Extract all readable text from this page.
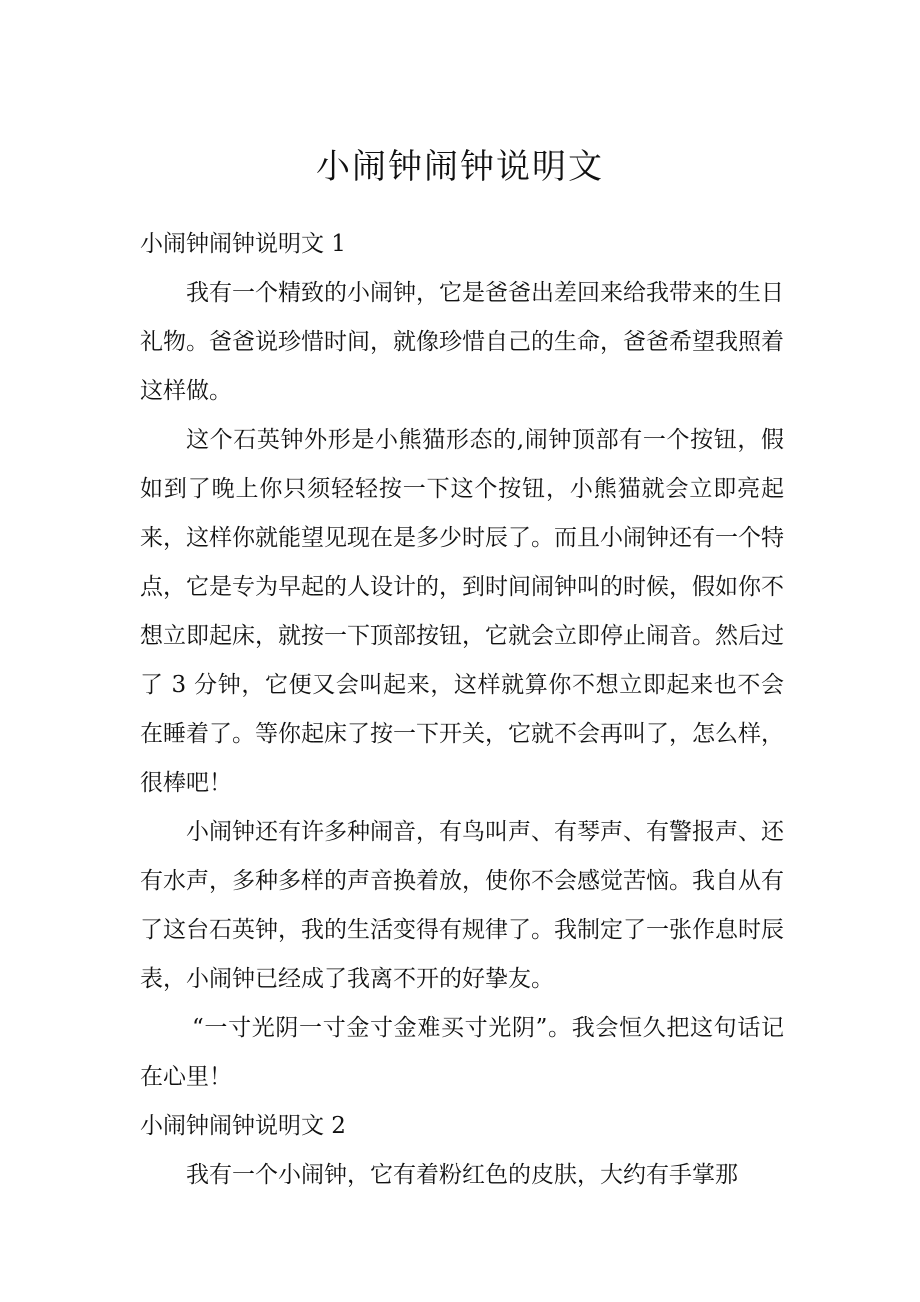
小闹钟闹钟说明文
小闹钟闹钟说明文 1

我有一个精致的小闹钟，它是爸爸出差回来给我带来的生日礼物。爸爸说珍惜时间，就像珍惜自己的生命，爸爸希望我照着这样做。

这个石英钟外形是小熊猫形态的,闹钟顶部有一个按钮，假如到了晚上你只须轻轻按一下这个按钮，小熊猫就会立即亮起来，这样你就能望见现在是多少时辰了。而且小闹钟还有一个特点，它是专为早起的人设计的，到时间闹钟叫的时候，假如你不想立即起床，就按一下顶部按钮，它就会立即停止闹音。然后过了 3 分钟，它便又会叫起来，这样就算你不想立即起来也不会在睡着了。等你起床了按一下开关，它就不会再叫了，怎么样，很棒吧！

小闹钟还有许多种闹音，有鸟叫声、有琴声、有警报声、还有水声，多种多样的声音换着放，使你不会感觉苦恼。我自从有了这台石英钟，我的生活变得有规律了。我制定了一张作息时辰表，小闹钟已经成了我离不开的好挚友。

“一寸光阴一寸金寸金难买寸光阴”。我会恒久把这句话记在心里！

小闹钟闹钟说明文 2

我有一个小闹钟，它有着粉红色的皮肤，大约有手掌那
